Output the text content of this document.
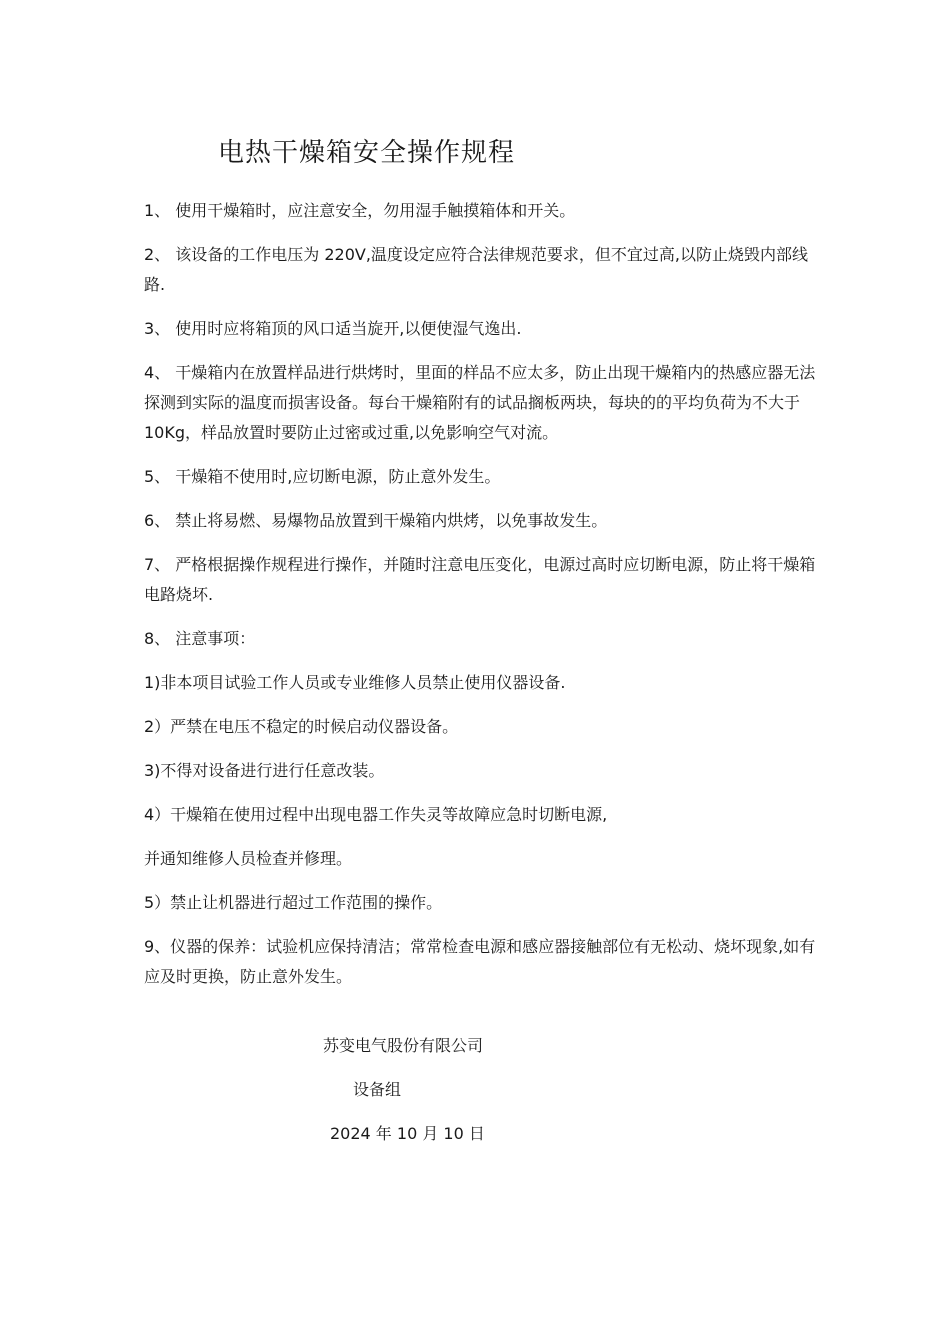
电热干燥箱安全操作规程

1、 使用干燥箱时，应注意安全，勿用湿手触摸箱体和开关。

2、 该设备的工作电压为 220V,温度设定应符合法律规范要求，但不宜过高,以防止烧毁内部线路.

3、 使用时应将箱顶的风口适当旋开,以便使湿气逸出.

4、 干燥箱内在放置样品进行烘烤时，里面的样品不应太多，防止出现干燥箱内的热感应器无法探测到实际的温度而损害设备。每台干燥箱附有的试品搁板两块，每块的的平均负荷为不大于 10Kg，样品放置时要防止过密或过重,以免影响空气对流。

5、 干燥箱不使用时,应切断电源，防止意外发生。

6、 禁止将易燃、易爆物品放置到干燥箱内烘烤，以免事故发生。

7、 严格根据操作规程进行操作，并随时注意电压变化，电源过高时应切断电源，防止将干燥箱电路烧坏.

8、 注意事项：

1)非本项目试验工作人员或专业维修人员禁止使用仪器设备.

2）严禁在电压不稳定的时候启动仪器设备。

3)不得对设备进行进行任意改装。

4）干燥箱在使用过程中出现电器工作失灵等故障应急时切断电源,

并通知维修人员检查并修理。

5）禁止让机器进行超过工作范围的操作。

9、仪器的保养：试验机应保持清洁；常常检查电源和感应器接触部位有无松动、烧坏现象,如有应及时更换，防止意外发生。

苏变电气股份有限公司
设备组
2024 年 10 月 10 日
